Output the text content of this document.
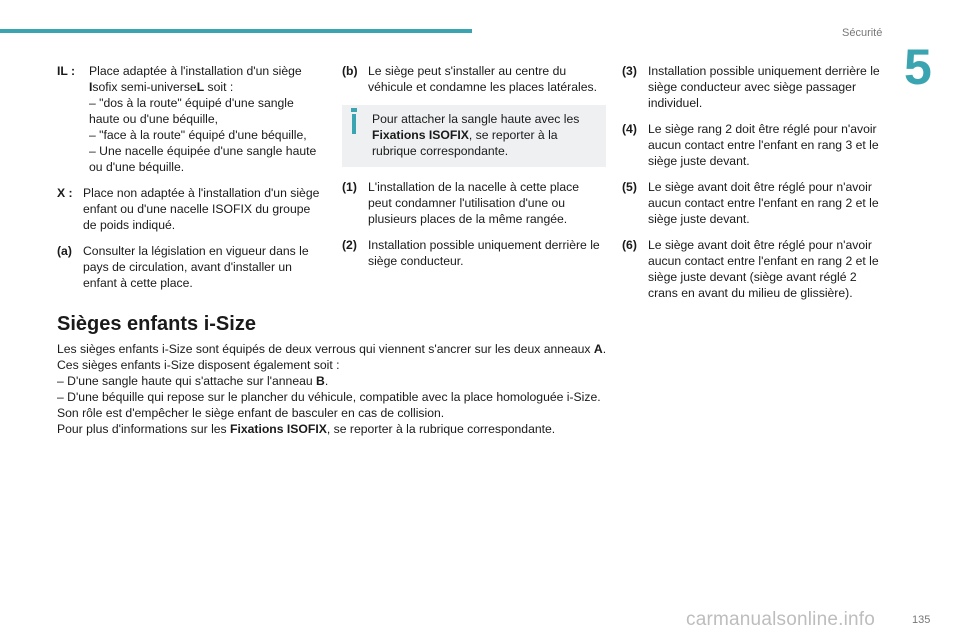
Sécurité
5
IL :	Place adaptée à l'installation d'un siège
Isofix semi-universeL soit :
– "dos à la route" équipé d'une sangle haute ou d'une béquille,
– "face à la route" équipé d'une béquille,
– Une nacelle équipée d'une sangle haute ou d'une béquille.
X : Place non adaptée à l'installation d'un siège enfant ou d'une nacelle ISOFIX du groupe de poids indiqué.
(a) Consulter la législation en vigueur dans le pays de circulation, avant d'installer un enfant à cette place.
(b) Le siège peut s'installer au centre du véhicule et condamne les places latérales.
Pour attacher la sangle haute avec les Fixations ISOFIX, se reporter à la rubrique correspondante.
(1) L'installation de la nacelle à cette place peut condamner l'utilisation d'une ou plusieurs places de la même rangée.
(2) Installation possible uniquement derrière le siège conducteur.
(3) Installation possible uniquement derrière le siège conducteur avec siège passager individuel.
(4) Le siège rang 2 doit être réglé pour n'avoir aucun contact entre l'enfant en rang 3 et le siège juste devant.
(5) Le siège avant doit être réglé pour n'avoir aucun contact entre l'enfant en rang 2 et le siège juste devant.
(6) Le siège avant doit être réglé pour n'avoir aucun contact entre l'enfant en rang 2 et le siège juste devant (siège avant réglé 2 crans en avant du milieu de glissière).
Sièges enfants i-Size

Les sièges enfants i-Size sont équipés de deux verrous qui viennent s'ancrer sur les deux anneaux A.

Ces sièges enfants i-Size disposent également soit :

– D'une sangle haute qui s'attache sur l'anneau B.

– D'une béquille qui repose sur le plancher du véhicule, compatible avec la place homologuée i-Size.

Son rôle est d'empêcher le siège enfant de basculer en cas de collision.

Pour plus d'informations sur les Fixations ISOFIX, se reporter à la rubrique correspondante.

carmanualsonline.info	135
